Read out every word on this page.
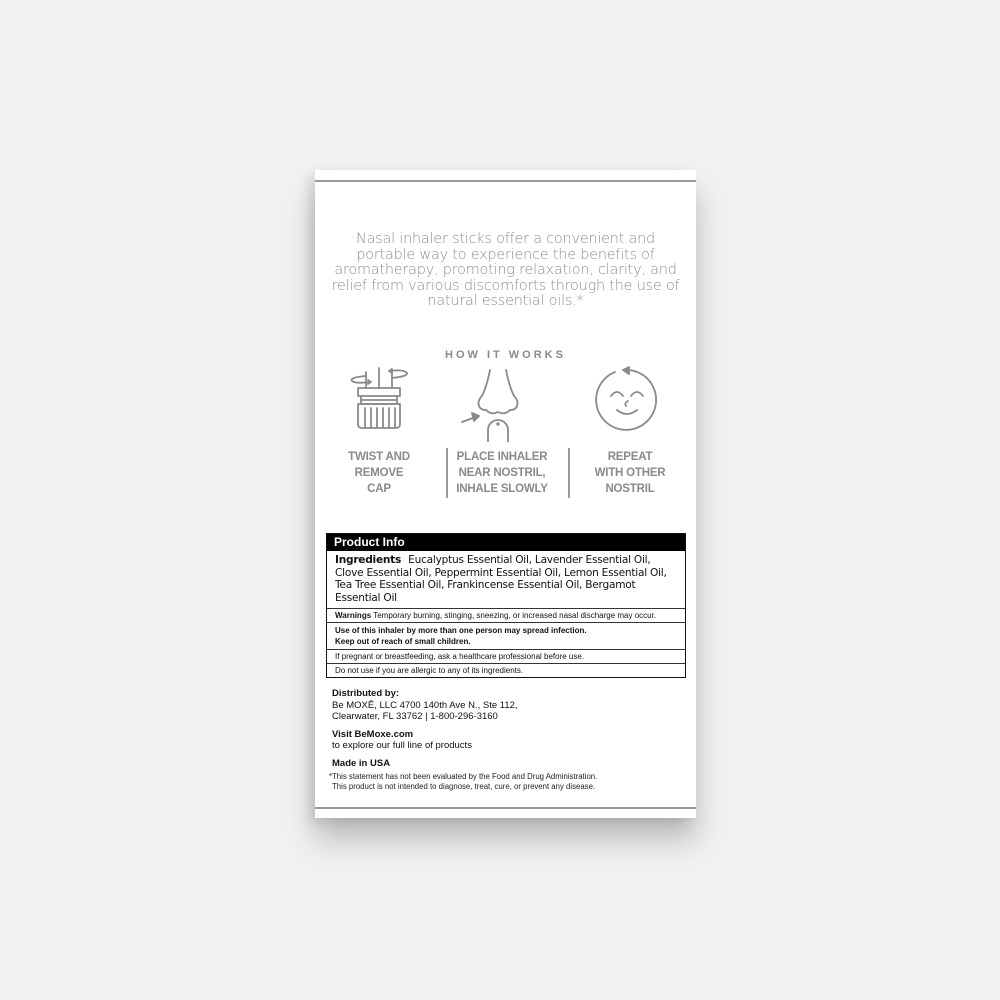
Nasal inhaler sticks offer a convenient and portable way to experience the benefits of aromatherapy, promoting relaxation, clarity, and relief from various discomforts through the use of natural essential oils.*
HOW IT WORKS
TWIST AND
REMOVE
CAP
PLACE INHALER
NEAR NOSTRIL,
INHALE SLOWLY
REPEAT
WITH OTHER
NOSTRIL
Product Info
Ingredients Eucalyptus Essential Oil, Lavender Essential Oil, Clove Essential Oil, Peppermint Essential Oil, Lemon Essential Oil, Tea Tree Essential Oil, Frankincense Essential Oil, Bergamot Essential Oil
Warnings Temporary burning, stinging, sneezing, or increased nasal discharge may occur.
Use of this inhaler by more than one person may spread infection.
Keep out of reach of small children.
If pregnant or breastfeeding, ask a healthcare professional before use.
Do not use if you are allergic to any of its ingredients.
Distributed by:
Be MOXĒ, LLC 4700 140th Ave N., Ste 112,
Clearwater, FL 33762 | 1-800-296-3160
Visit BeMoxe.com
to explore our full line of products
Made in USA
*This statement has not been evaluated by the Food and Drug Administration.
This product is not intended to diagnose, treat, cure, or prevent any disease.
